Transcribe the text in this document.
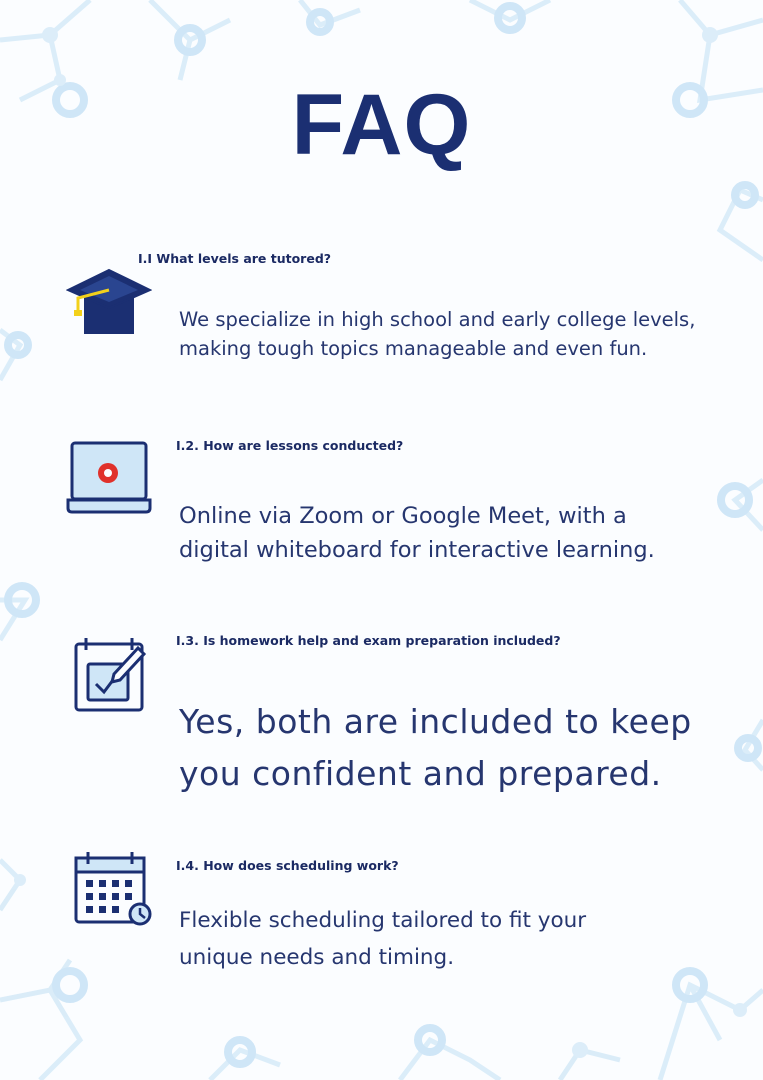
FAQ
I.I What levels are tutored?
We specialize in high school and early college levels,
making tough topics manageable and even fun.
I.2. How are lessons conducted?
Online via Zoom or Google Meet, with a
digital whiteboard for interactive learning.
I.3. Is homework help and exam preparation included?
Yes, both are included to keep
you confident and prepared.
I.4. How does scheduling work?
Flexible scheduling tailored to fit your
unique needs and timing.
